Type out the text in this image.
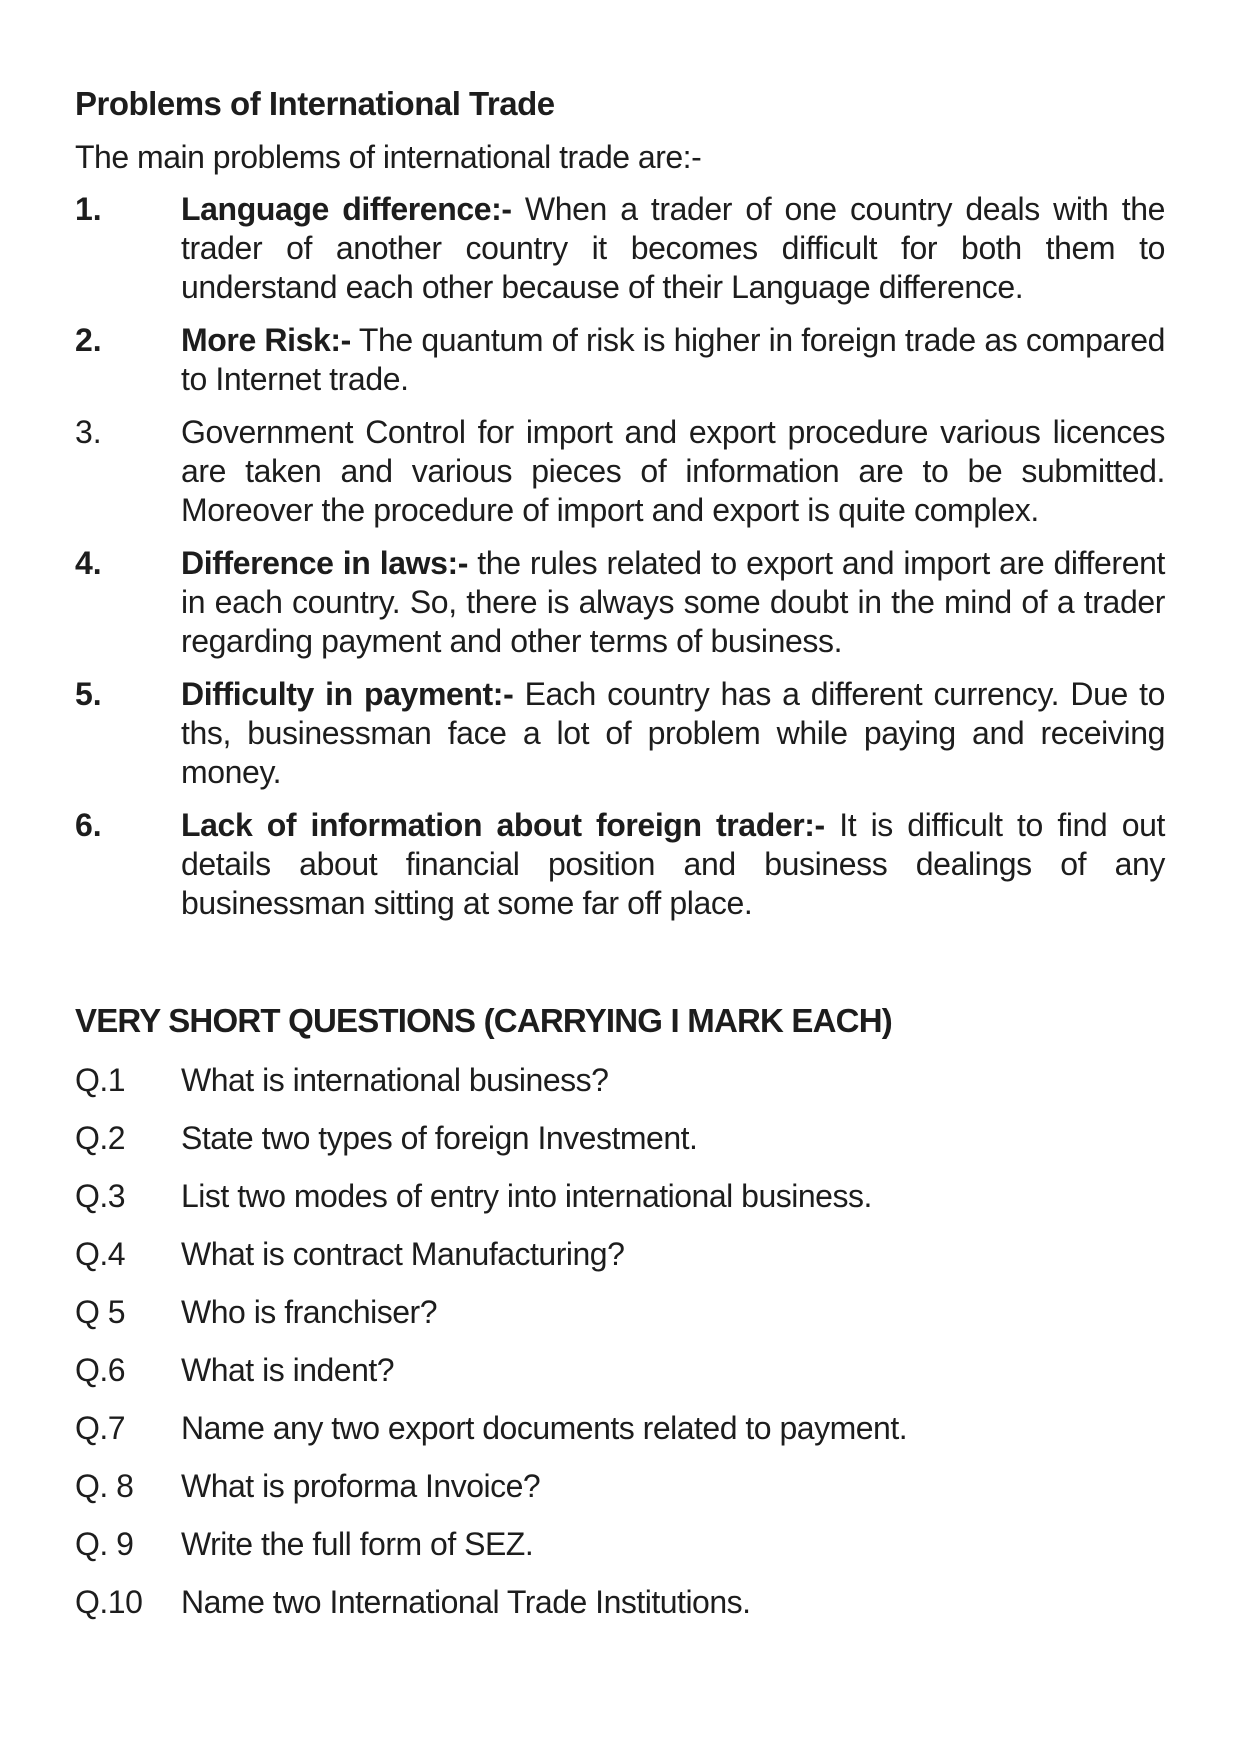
Problems of International Trade

The main problems of international trade are:-

1.	Language difference:- When a trader of one country deals with the trader of another country it becomes difficult for both them to understand each other because of their Language difference.
2.	More Risk:- The quantum of risk is higher in foreign trade as compared to Internet trade.
3.	Government Control for import and export procedure various licences are taken and various pieces of information are to be submitted. Moreover the procedure of import and export is quite complex.
4.	Difference in laws:- the rules related to export and import are different in each country. So, there is always some doubt in the mind of a trader regarding payment and other terms of business.
5.	Difficulty in payment:- Each country has a different currency. Due to ths, businessman face a lot of problem while paying and receiving money.
6.	Lack of information about foreign trader:- It is difficult to find out details about financial position and business dealings of any businessman sitting at some far off place.
VERY SHORT QUESTIONS (CARRYING I MARK EACH)
Q.1	What is international business?
Q.2	State two types of foreign Investment.
Q.3	List two modes of entry into international business.
Q.4	What is contract Manufacturing?
Q 5	Who is franchiser?
Q.6	What is indent?
Q.7	Name any two export documents related to payment.
Q. 8	What is proforma Invoice?
Q. 9	Write the full form of SEZ.
Q.10	Name two International Trade Institutions.
